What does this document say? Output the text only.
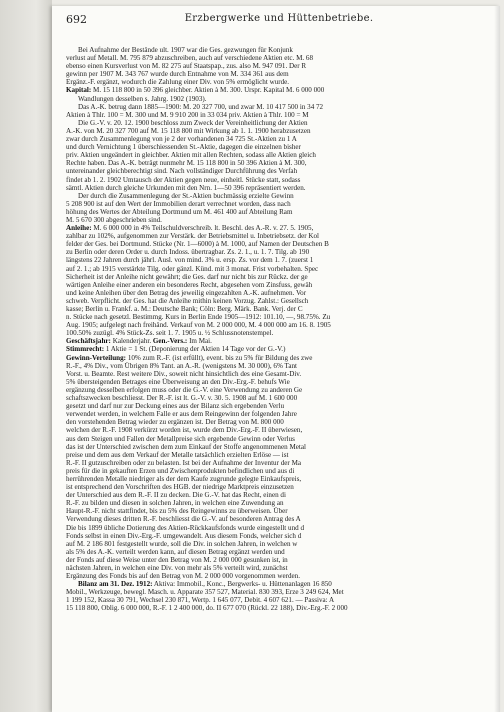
692	Erzbergwerke und Hüttenbetriebe.
Bei Aufnahme der Bestände ult. 1907 war die Ges. gezwungen für Konjunk
verlust auf Metall. M. 795 879 abzuschreiben, auch auf verschiedene Aktien etc. M. 68
ebenso einen Kursverlust von M. 82 275 auf Staatspap., zus. also M. 947 091. Der R
gewinn per 1907 M. 343 767 wurde durch Entnahme von M. 334 361 aus dem
Ergänz.-F. ergänzt, wodurch die Zahlung einer Div. von 5% ermöglicht wurde.
Kapital: M. 15 118 800 in 50 396 gleichber. Aktien à M. 300. Urspr. Kapital M. 6 000 000
Wandlungen desselben s. Jahrg. 1902 (1903).
Das A.-K. betrug dann 1885—1900: M. 20 327 700, und zwar M. 10 417 500 in 34 72
Aktien à Thlr. 100 = M. 300 und M. 9 910 200 in 33 034 priv. Aktien à Thlr. 100 = M
Die G.-V. v. 20. 12. 1900 beschloss zum Zweck der Vereinheitlichung der Aktien
A.-K. von M. 20 327 700 auf M. 15 118 800 mit Wirkung ab 1. 1. 1900 herabzusetzen
zwar durch Zusammenlegung von je 2 der vorhandenen 34 725 St.-Aktien zu 1 A
und durch Vernichtung 1 überschiessenden St.-Aktie, dagegen die einzelnen bisher
priv. Aktien ungeändert in gleichber. Aktien mit allen Rechten, sodass alle Aktien gleich
Rechte haben. Das A.-K. beträgt nunmehr M. 15 118 800 in 50 396 Aktien à M. 300,
untereinander gleichberechtigt sind. Nach vollständiger Durchführung des Verfah
findet ab 1. 2. 1902 Umtausch der Aktien gegen neue, einheitl. Stücke statt, sodass
sämtl. Aktien durch gleiche Urkunden mit den Nrn. 1—50 396 repräsentiert werden.
Der durch die Zusammenlegung der St.-Aktien buchmässig erzielte Gewinn
5 208 900 ist auf den Wert der Immobilien derart verrechnet worden, dass nach
höhung des Wertes der Abteilung Dortmund um M. 461 400 auf Abteilung Ram
M. 5 670 300 abgeschrieben sind.
Anleihe: M. 6 000 000 in 4% Teilschuldverschreib. lt. Beschl. des A.-R. v. 27. 5. 1905,
zahlbar zu 102%, aufgenommen zur Verstärk. der Betriebsmittel u. Inbetriebsetz. der Kol
felder der Ges. bei Dortmund. Stücke (Nr. 1—6000) à M. 1000, auf Namen der Deutschen B
zu Berlin oder deren Order u. durch Indoss. übertragbar. Zs. 2. 1., u. 1. 7. Tilg. ab 190
längstens 22 Jahren durch jährl. Ausl. von mind. 3% u. ersp. Zs. vor dem 1. 7. (zuerst 1
auf 2. 1.; ab 1915 verstärkte Tilg. oder gänzl. Künd. mit 3 monat. Frist vorbehalten. Spec
Sicherheit ist der Anleihe nicht gewährt; die Ges. darf nur nicht bis zur Rückz. der ge
wärtigen Anleihe einer anderen ein besonderes Recht, abgesehen vom Zinsfuss, gewäh
und keine Anleihen über den Betrag des jeweilig eingezahlten A.-K. aufnehmen. Vor
schweb. Verpflicht. der Ges. hat die Anleihe mithin keinen Vorzug. Zahlst.: Gesellsch
kasse; Berlin u. Frankf. a. M.: Deutsche Bank; Cöln: Berg. Märk. Bank. Verj. der C
n. Stücke nach gesetzl. Bestimmg. Kurs in Berlin Ende 1905—1912: 101.10, —, 98.75%. Zu
Aug. 1905; aufgelegt nach freihänd. Verkauf von M. 2 000 000, M. 4 000 000 am 16. 8. 1905
100.50% zuzügl. 4% Stück-Zs. seit 1. 7. 1905 u. ½ Schlussnotenstempel.
Geschäftsjahr: Kalenderjahr. Gen.-Vers.: Im Mai.
Stimmrecht: 1 Aktie = 1 St. (Deponierung der Aktien 14 Tage vor der G.-V.)
Gewinn-Verteilung: 10% zum R.-F. (ist erfüllt), event. bis zu 5% für Bildung des zwe
R.-F., 4% Div., vom Übrigen 8% Tant. an A.-R. (wenigstens M. 30 000), 6% Tant
Vorst. u. Beamte. Rest weitere Div., soweit nicht hinsichtlich des eine Gesamt-Div.
5% übersteigenden Betrages eine Überweisung an den Div.-Erg.-F. behufs Wie
ergänzung desselben erfolgen muss oder die G.-V. eine Verwendung zu anderen Ge
schaftszwecken beschliesst. Der R.-F. ist lt. G.-V. v. 30. 5. 1908 auf M. 1 600 000
gesetzt und darf nur zur Deckung eines aus der Bilanz sich ergebenden Verlu
verwendet werden, in welchem Falle er aus dem Reingewinn der folgenden Jahre
den vorstehenden Betrag wieder zu ergänzen ist. Der Betrag von M. 800 000
welchen der R.-F. 1908 verkürzt worden ist, wurde dem Div.-Erg.-F. II überwiesen,
aus dem Steigen und Fallen der Metallpreise sich ergebende Gewinn oder Verlus
das ist der Unterschied zwischen dem zum Einkauf der Stoffe angenommenen Metal
preise und dem aus dem Verkauf der Metalle tatsächlich erzielten Erlöse — ist
R.-F. II gutzuschreiben oder zu belasten. Ist bei der Aufnahme der Inventur der Ma
preis für die in gekauften Erzen und Zwischenprodukten befindlichen und aus di
herrührenden Metalle niedriger als der dem Kaufe zugrunde gelegte Einkaufspreis,
ist entsprechend den Vorschriften des HGB. der niedrige Marktpreis einzusetzen
der Unterschied aus dem R.-F. II zu decken. Die G.-V. hat das Recht, einen di
R.-F. zu bilden und diesen in solchen Jahren, in welchen eine Zuwendung an
Haupt-R.-F. nicht stattfindet, bis zu 5% des Reingewinns zu überweisen. Über
Verwendung dieses dritten R.-F. beschliesst die G.-V. auf besonderen Antrag des A
Die bis 1899 übliche Dotierung des Aktien-Rückkaufsfonds wurde eingestellt und d
Fonds selbst in einen Div.-Erg.-F. umgewandelt. Aus diesem Fonds, welcher sich d
auf M. 2 186 801 festgestellt wurde, soll die Div. in solchen Jahren, in welchen w
als 5% des A.-K. verteilt werden kann, auf diesen Betrag ergänzt werden und
der Fonds auf diese Weise unter den Betrag von M. 2 000 000 gesunken ist, in
nächsten Jahren, in welchen eine Div. von mehr als 5% verteilt wird, zunächst
Ergänzung des Fonds bis auf den Betrag von M. 2 000 000 vorgenommen werden.
Bilanz am 31. Dez. 1912: Aktiva: Immobil., Konc., Bergwerks- u. Hüttenanlagen 16 850
Mobil., Werkzeuge, bewegl. Masch. u. Apparate 357 527, Material. 830 393, Erze 3 249 624, Met
1 199 152, Kassa 30 791, Wechsel 230 871, Wertp. 1 645 077, Debit. 4 607 621. — Passiva: A
15 118 800, Oblig. 6 000 000, R.-F. 1 2 400 000, do. II 677 070 (Rückl. 22 188), Div.-Erg.-F. 2 000
